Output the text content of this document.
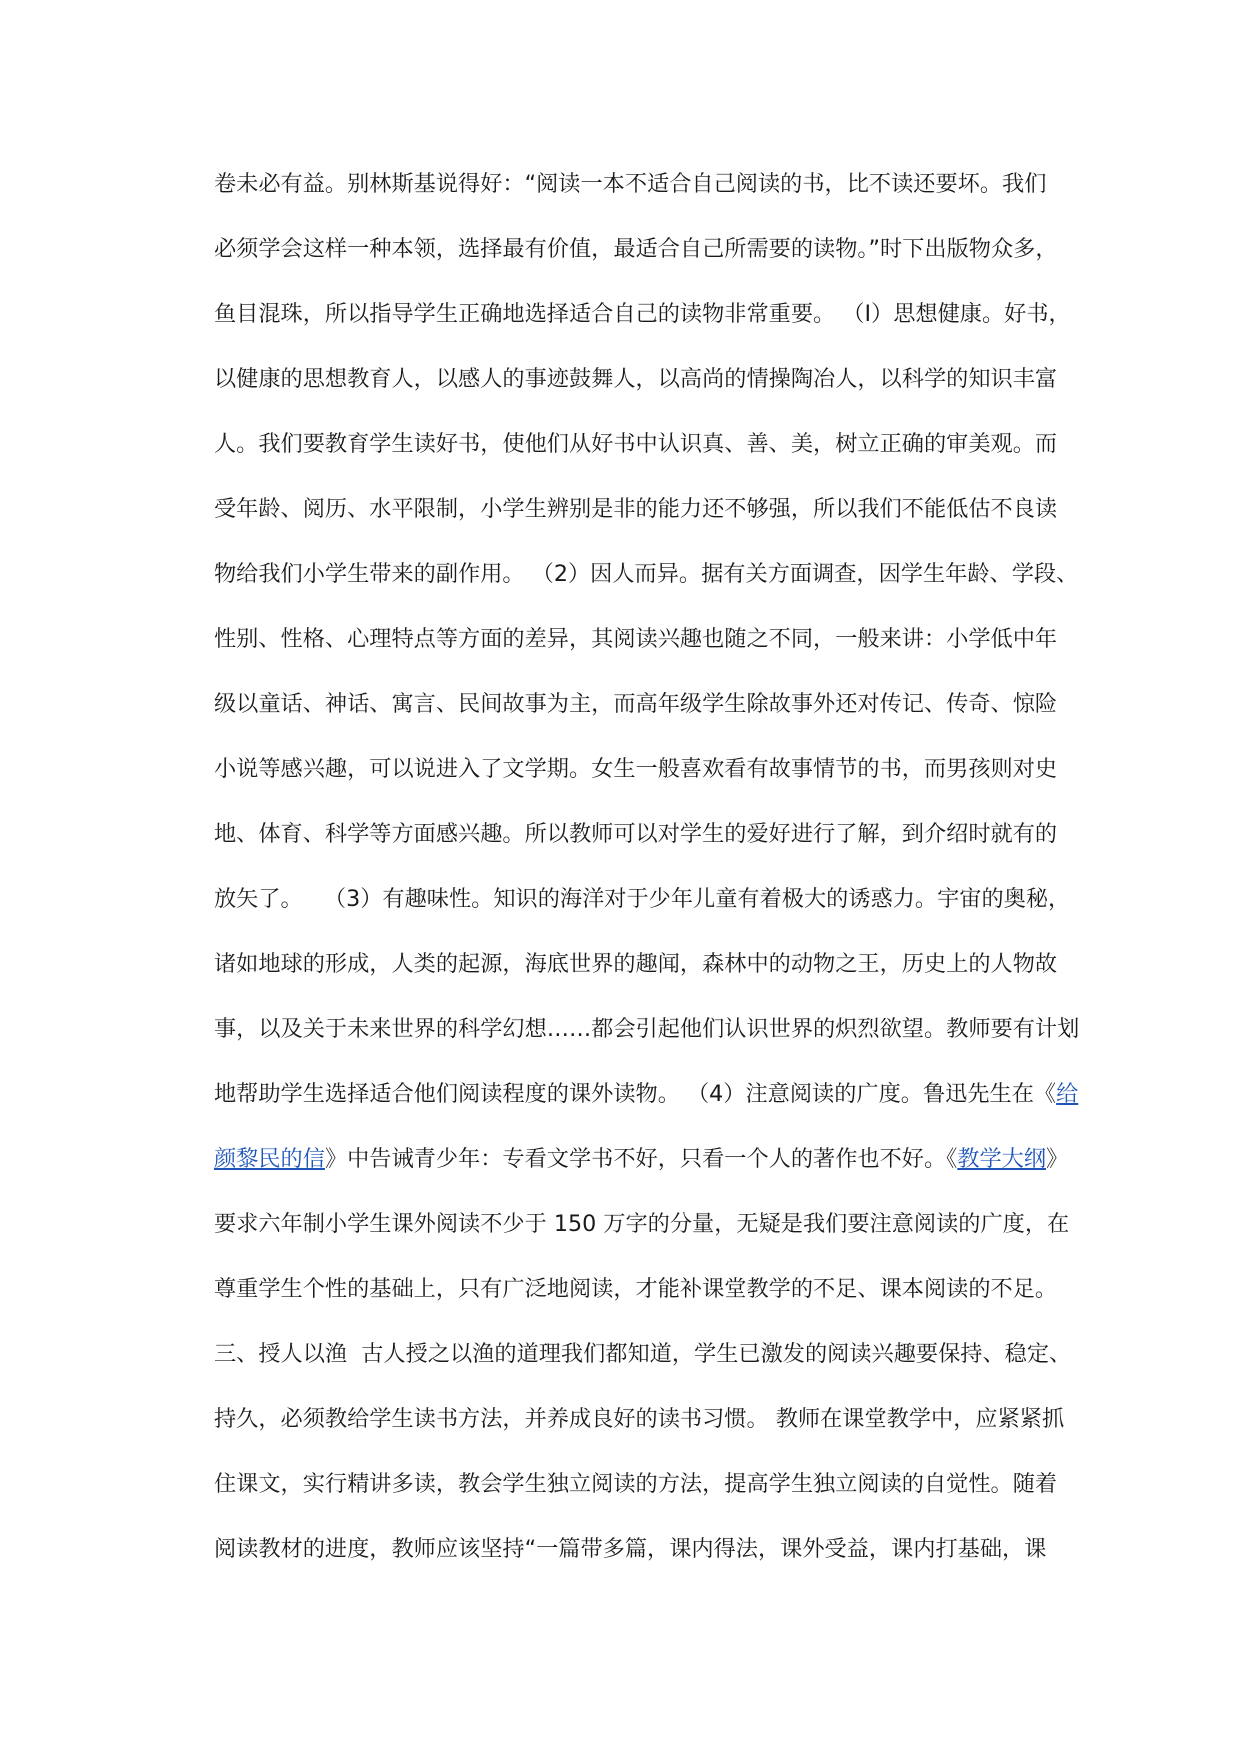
卷未必有益。别林斯基说得好：“阅读一本不适合自己阅读的书，比不读还要坏。我们
必须学会这样一种本领，选择最有价值，最适合自己所需要的读物。”时下出版物众多，
鱼目混珠，所以指导学生正确地选择适合自己的读物非常重要。 （I）思想健康。好书，
以健康的思想教育人，以感人的事迹鼓舞人，以高尚的情操陶冶人，以科学的知识丰富
人。我们要教育学生读好书，使他们从好书中认识真、善、美，树立正确的审美观。而
受年龄、阅历、水平限制，小学生辨别是非的能力还不够强，所以我们不能低估不良读
物给我们小学生带来的副作用。 （2）因人而异。据有关方面调查，因学生年龄、学段、
性别、性格、心理特点等方面的差异，其阅读兴趣也随之不同，一般来讲：小学低中年
级以童话、神话、寓言、民间故事为主，而高年级学生除故事外还对传记、传奇、惊险
小说等感兴趣，可以说进入了文学期。女生一般喜欢看有故事情节的书，而男孩则对史
地、体育、科学等方面感兴趣。所以教师可以对学生的爱好进行了解，到介绍时就有的
放矢了。   （3）有趣味性。知识的海洋对于少年儿童有着极大的诱惑力。宇宙的奥秘，
诸如地球的形成，人类的起源，海底世界的趣闻，森林中的动物之王，历史上的人物故
事，以及关于未来世界的科学幻想……都会引起他们认识世界的炽烈欲望。教师要有计划
地帮助学生选择适合他们阅读程度的课外读物。 （4）注意阅读的广度。鲁迅先生在《给
颜黎民的信》中告诫青少年：专看文学书不好，只看一个人的著作也不好。《教学大纲》
要求六年制小学生课外阅读不少于 150 万字的分量，无疑是我们要注意阅读的广度，在
尊重学生个性的基础上，只有广泛地阅读，才能补课堂教学的不足、课本阅读的不足。
三、授人以渔  古人授之以渔的道理我们都知道，学生已激发的阅读兴趣要保持、稳定、
持久，必须教给学生读书方法，并养成良好的读书习惯。 教师在课堂教学中，应紧紧抓
住课文，实行精讲多读，教会学生独立阅读的方法，提高学生独立阅读的自觉性。随着
阅读教材的进度，教师应该坚持“一篇带多篇，课内得法，课外受益，课内打基础，课
